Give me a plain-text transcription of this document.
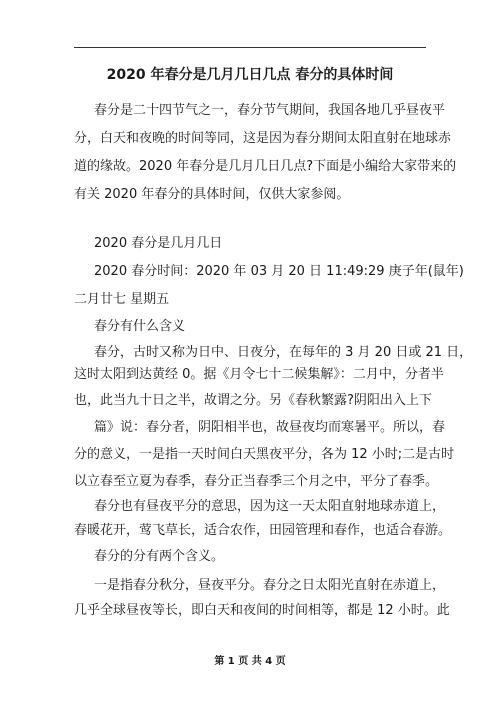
2020 年春分是几月几日几点 春分的具体时间
春分是二十四节气之一，春分节气期间，我国各地几乎昼夜平
分，白天和夜晚的时间等同，这是因为春分期间太阳直射在地球赤
道的缘故。2020 年春分是几月几日几点?下面是小编给大家带来的
有关 2020 年春分的具体时间，仅供大家参阅。
2020 春分是几月几日
2020 春分时间：2020 年 03 月 20 日 11:49:29 庚子年(鼠年)
二月廿七 星期五
春分有什么含义
春分，古时又称为日中、日夜分，在每年的 3 月 20 日或 21 日，
这时太阳到达黄经 0。据《月令七十二候集解》：二月中，分者半
也，此当九十日之半，故谓之分。另《春秋繁露?阴阳出入上下
篇》说：春分者，阴阳相半也，故昼夜均而寒暑平。所以，春
分的意义，一是指一天时间白天黑夜平分，各为 12 小时;二是古时
以立春至立夏为春季，春分正当春季三个月之中，平分了春季。
春分也有昼夜平分的意思，因为这一天太阳直射地球赤道上，
春暖花开，莺飞草长，适合农作，田园管理和春作，也适合春游。
春分的分有两个含义。
一是指春分秋分，昼夜平分。春分之日太阳光直射在赤道上，
几乎全球昼夜等长，即白天和夜间的时间相等，都是 12 小时。此
第 1 页 共 4 页
